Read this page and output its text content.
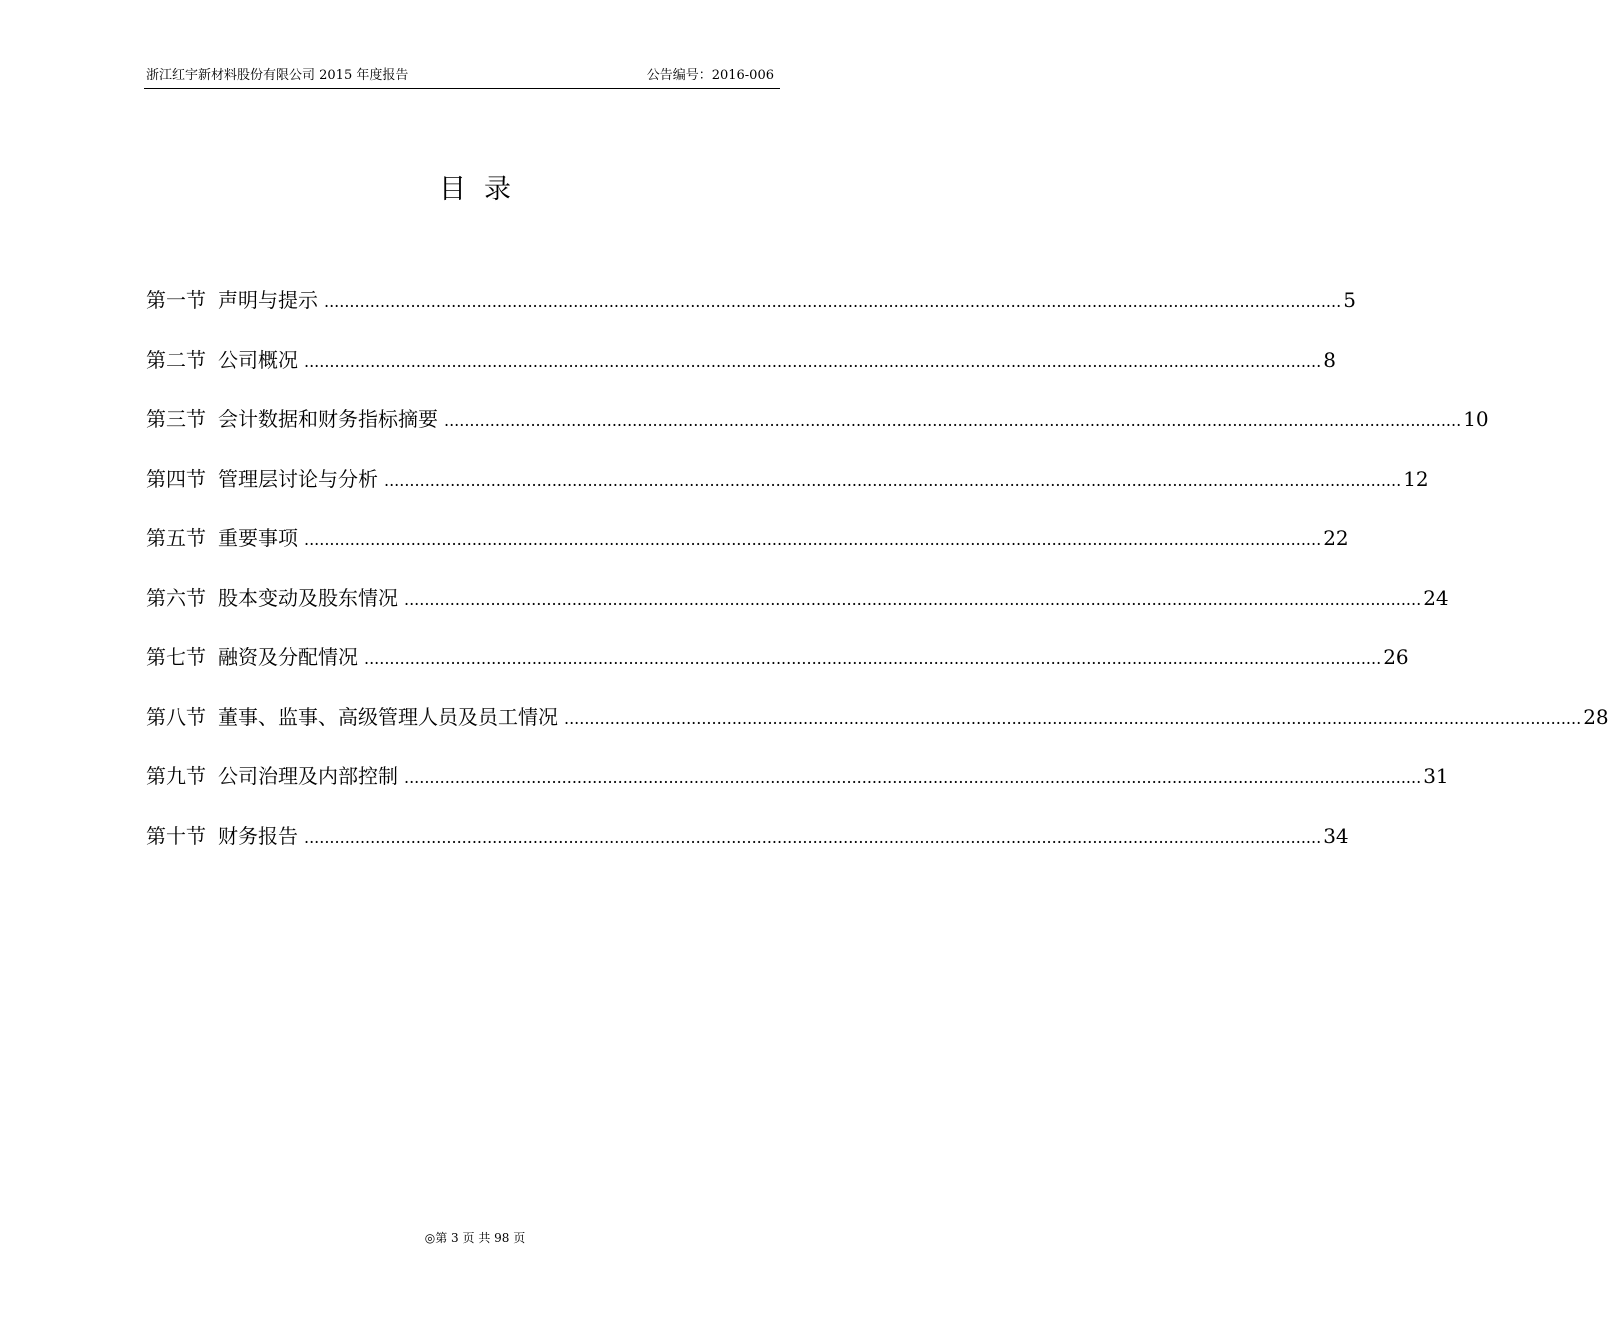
浙江红宇新材料股份有限公司 2015 年度报告	公告编号：2016-006
目录
第一节 声明与提示 ........................................................................................................................................................................................................ 5
第二节 公司概况 ........................................................................................................................................................................................................ 8
第三节 会计数据和财务指标摘要 ........................................................................................................................................................................................................ 10
第四节 管理层讨论与分析 ........................................................................................................................................................................................................ 12
第五节 重要事项 ........................................................................................................................................................................................................ 22
第六节 股本变动及股东情况 ........................................................................................................................................................................................................ 24
第七节 融资及分配情况 ........................................................................................................................................................................................................ 26
第八节 董事、监事、高级管理人员及员工情况 ........................................................................................................................................................................................................ 28
第九节 公司治理及内部控制 ........................................................................................................................................................................................................ 31
第十节 财务报告 ........................................................................................................................................................................................................ 34
◎第 3 页 共 98 页
